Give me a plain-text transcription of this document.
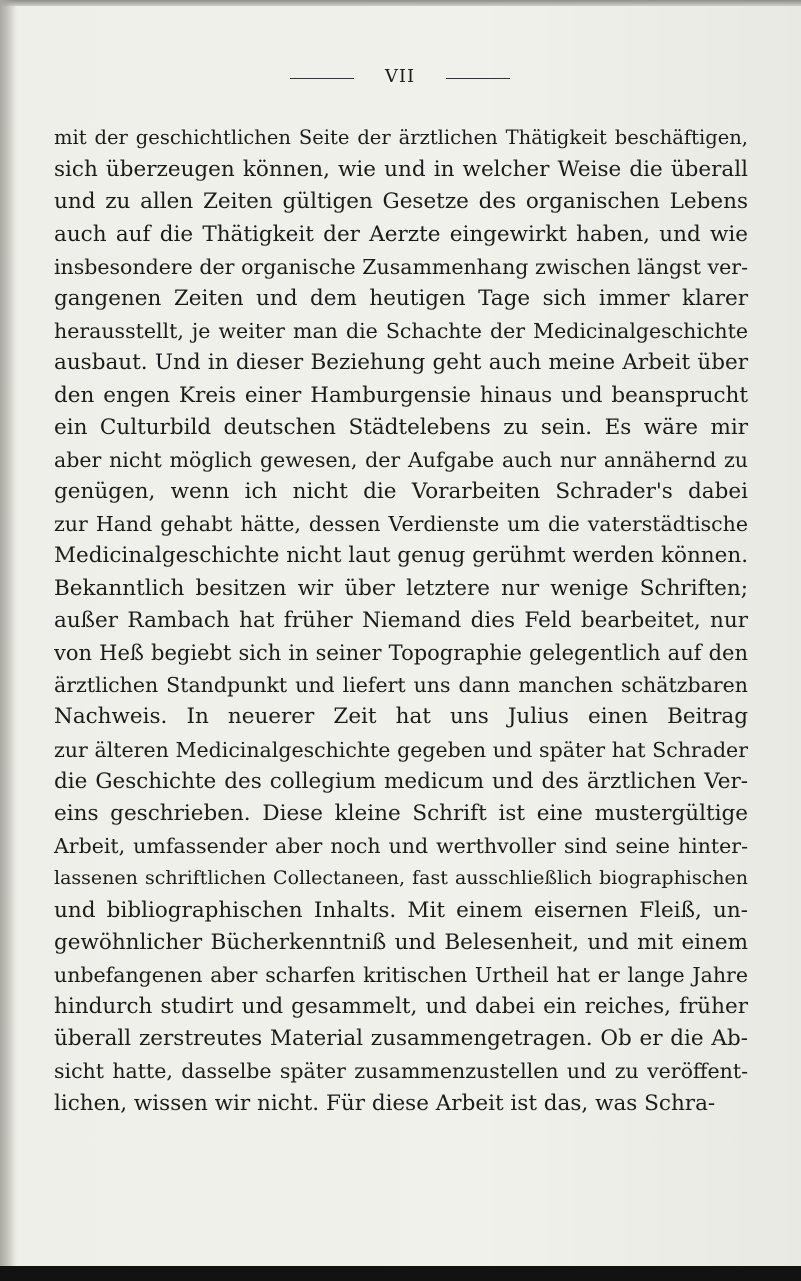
VII
mit der geschichtlichen Seite der ärztlichen Thätigkeit beschäftigen,
sich überzeugen können, wie und in welcher Weise die überall
und zu allen Zeiten gültigen Gesetze des organischen Lebens
auch auf die Thätigkeit der Aerzte eingewirkt haben, und wie
insbesondere der organische Zusammenhang zwischen längst ver-
gangenen Zeiten und dem heutigen Tage sich immer klarer
herausstellt, je weiter man die Schachte der Medicinalgeschichte
ausbaut. Und in dieser Beziehung geht auch meine Arbeit über
den engen Kreis einer Hamburgensie hinaus und beansprucht
ein Culturbild deutschen Städtelebens zu sein. Es wäre mir
aber nicht möglich gewesen, der Aufgabe auch nur annähernd zu
genügen, wenn ich nicht die Vorarbeiten Schrader's dabei
zur Hand gehabt hätte, dessen Verdienste um die vaterstädtische
Medicinalgeschichte nicht laut genug gerühmt werden können.
Bekanntlich besitzen wir über letztere nur wenige Schriften;
außer Rambach hat früher Niemand dies Feld bearbeitet, nur
von Heß begiebt sich in seiner Topographie gelegentlich auf den
ärztlichen Standpunkt und liefert uns dann manchen schätzbaren
Nachweis. In neuerer Zeit hat uns Julius einen Beitrag
zur älteren Medicinalgeschichte gegeben und später hat Schrader
die Geschichte des collegium medicum und des ärztlichen Ver-
eins geschrieben. Diese kleine Schrift ist eine mustergültige
Arbeit, umfassender aber noch und werthvoller sind seine hinter-
lassenen schriftlichen Collectaneen, fast ausschließlich biographischen
und bibliographischen Inhalts. Mit einem eisernen Fleiß, un-
gewöhnlicher Bücherkenntniß und Belesenheit, und mit einem
unbefangenen aber scharfen kritischen Urtheil hat er lange Jahre
hindurch studirt und gesammelt, und dabei ein reiches, früher
überall zerstreutes Material zusammengetragen. Ob er die Ab-
sicht hatte, dasselbe später zusammenzustellen und zu veröffent-
lichen, wissen wir nicht. Für diese Arbeit ist das, was Schra-
